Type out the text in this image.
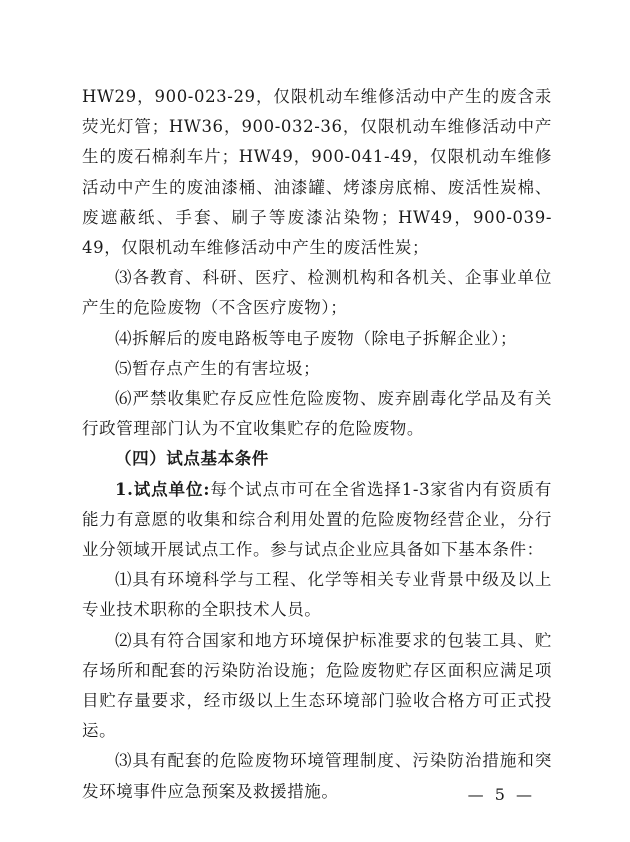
HW29，900-023-29，仅限机动车维修活动中产生的废含汞荧光灯管；HW36，900-032-36，仅限机动车维修活动中产生的废石棉刹车片；HW49，900-041-49，仅限机动车维修活动中产生的废油漆桶、油漆罐、烤漆房底棉、废活性炭棉、废遮蔽纸、手套、刷子等废漆沾染物；HW49，900-039-49，仅限机动车维修活动中产生的废活性炭；

⑶各教育、科研、医疗、检测机构和各机关、企事业单位产生的危险废物（不含医疗废物）；

⑷拆解后的废电路板等电子废物（除电子拆解企业）；

⑸暂存点产生的有害垃圾；

⑹严禁收集贮存反应性危险废物、废弃剧毒化学品及有关行政管理部门认为不宜收集贮存的危险废物。

（四）试点基本条件

1.试点单位:每个试点市可在全省选择1-3家省内有资质有能力有意愿的收集和综合利用处置的危险废物经营企业，分行业分领域开展试点工作。参与试点企业应具备如下基本条件：

⑴具有环境科学与工程、化学等相关专业背景中级及以上专业技术职称的全职技术人员。

⑵具有符合国家和地方环境保护标准要求的包装工具、贮存场所和配套的污染防治设施；危险废物贮存区面积应满足项目贮存量要求，经市级以上生态环境部门验收合格方可正式投运。

⑶具有配套的危险废物环境管理制度、污染防治措施和突发环境事件应急预案及救援措施。	— 5 —
